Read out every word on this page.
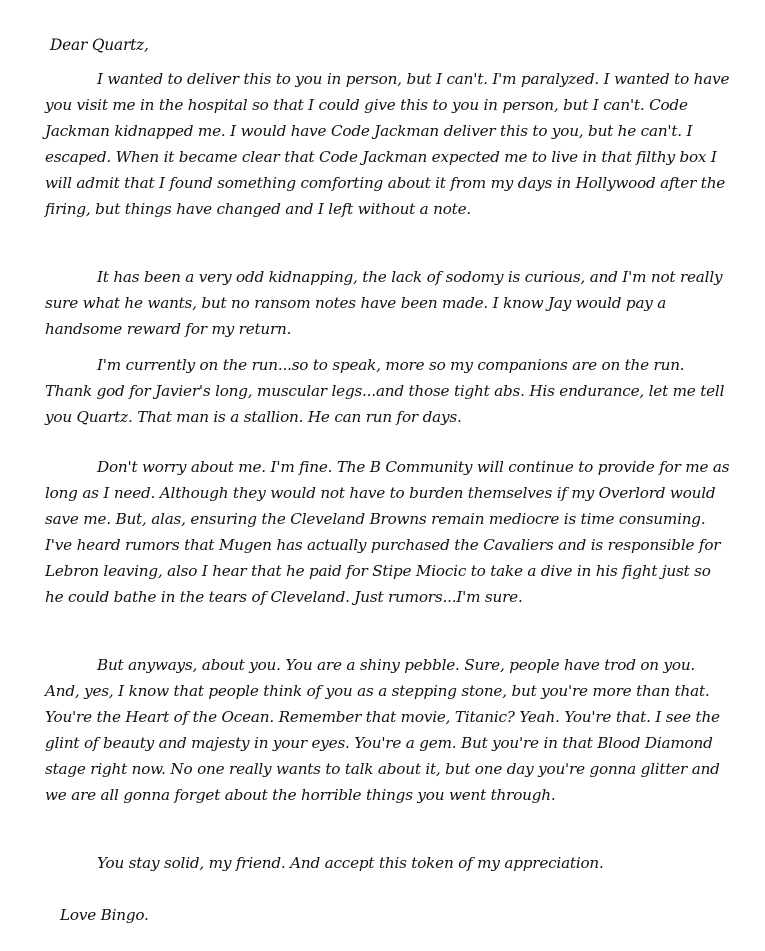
Dear Quartz,

I wanted to deliver this to you in person, but I can't. I'm paralyzed. I wanted to have you visit me in the hospital so that I could give this to you in person, but I can't. Code Jackman kidnapped me. I would have Code Jackman deliver this to you, but he can't. I escaped. When it became clear that Code Jackman expected me to live in that filthy box I will admit that I found something comforting about it from my days in Hollywood after the firing, but things have changed and I left without a note.

It has been a very odd kidnapping, the lack of sodomy is curious, and I'm not really sure what he wants, but no ransom notes have been made. I know Jay would pay a handsome reward for my return.

I'm currently on the run...so to speak, more so my companions are on the run. Thank god for Javier's long, muscular legs...and those tight abs. His endurance, let me tell you Quartz. That man is a stallion. He can run for days.

Don't worry about me. I'm fine. The B Community will continue to provide for me as long as I need. Although they would not have to burden themselves if my Overlord would save me. But, alas, ensuring the Cleveland Browns remain mediocre is time consuming. I've heard rumors that Mugen has actually purchased the Cavaliers and is responsible for Lebron leaving, also I hear that he paid for Stipe Miocic to take a dive in his fight just so he could bathe in the tears of Cleveland. Just rumors...I'm sure.

But anyways, about you. You are a shiny pebble. Sure, people have trod on you. And, yes, I know that people think of you as a stepping stone, but you're more than that. You're the Heart of the Ocean. Remember that movie, Titanic? Yeah. You're that. I see the glint of beauty and majesty in your eyes. You're a gem. But you're in that Blood Diamond stage right now. No one really wants to talk about it, but one day you're gonna glitter and we are all gonna forget about the horrible things you went through.

You stay solid, my friend. And accept this token of my appreciation.

Love Bingo.
